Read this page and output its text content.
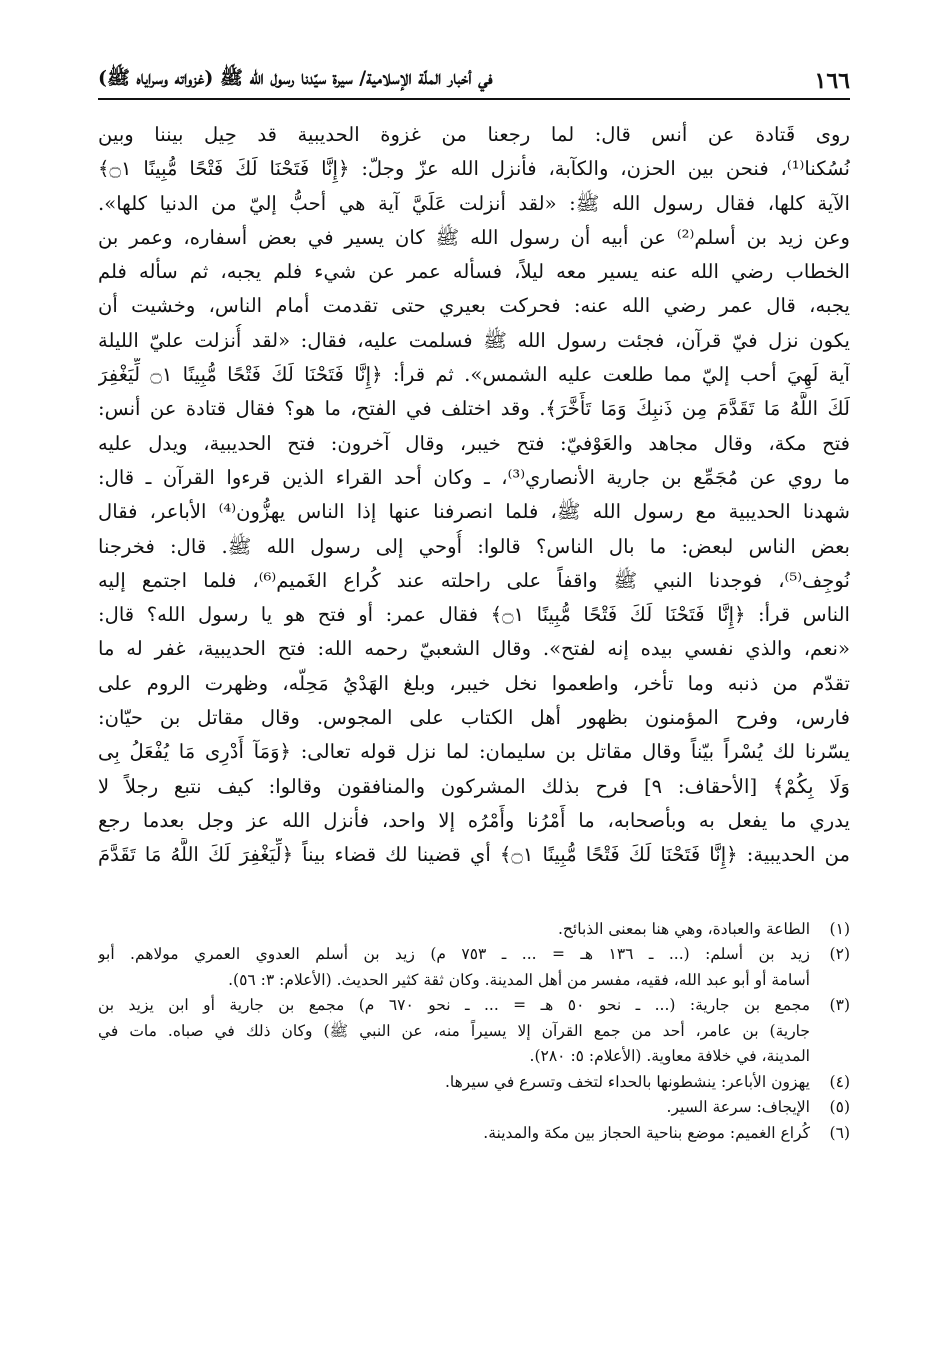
١٦٦
في أخبار الملّة الإسلامية/ سيرة سيّدنا رسول الله ﷺ (غزواته وسراياه ﷺ)
روى قَتادة عن أنس قال: لما رجعنا من غزوة الحديبية قد حِيل بيننا وبين
نُسُكنا⁽¹⁾، فنحن بين الحزن، والكآبة، فأنزل الله عزّ وجلّ: ﴿إِنَّا فَتَحْنَا لَكَ فَتْحًا مُّبِينًا ۝١﴾
الآية كلها، فقال رسول الله ﷺ: «لقد أنزلت عَلَيَّ آية هي أحبُّ إليّ من الدنيا كلها».
وعن زيد بن أسلم⁽²⁾ عن أبيه أن رسول الله ﷺ كان يسير في بعض أسفاره، وعمر بن
الخطاب رضي الله عنه يسير معه ليلاً، فسأله عمر عن شيء فلم يجبه، ثم سأله فلم
يجبه، قال عمر رضي الله عنه: فحركت بعيري حتى تقدمت أمام الناس، وخشيت أن
يكون نزل فيّ قرآن، فجئت رسول الله ﷺ فسلمت عليه، فقال: «لقد أُنزلت عليّ الليلة
آية لَهِيَ أحب إليّ مما طلعت عليه الشمس». ثم قرأ: ﴿إِنَّا فَتَحْنَا لَكَ فَتْحًا مُّبِينًا ۝١ لِّيَغْفِرَ
لَكَ اللَّهُ مَا تَقَدَّمَ مِن ذَنبِكَ وَمَا تَأَخَّرَ﴾. وقد اختلف في الفتح، ما هو؟ فقال قتادة عن أنس:
فتح مكة، وقال مجاهد والعَوْفيّ: فتح خيبر، وقال آخرون: فتح الحديبية، ويدل عليه
ما روي عن مُجَمِّع بن جارية الأنصاري⁽³⁾، ـ وكان أحد القراء الذين قرءوا القرآن ـ قال:
شهدنا الحديبية مع رسول الله ﷺ، فلما انصرفنا عنها إذا الناس يهزُّون⁽⁴⁾ الأباعر، فقال
بعض الناس لبعض: ما بال الناس؟ قالوا: أُوحي إلى رسول الله ﷺ. قال: فخرجنا
نُوجِف⁽⁵⁾، فوجدنا النبي ﷺ واقفاً على راحلته عند كُراع الغَميم⁽⁶⁾، فلما اجتمع إليه
الناس قرأ: ﴿إِنَّا فَتَحْنَا لَكَ فَتْحًا مُّبِينًا ۝١﴾ فقال عمر: أو فتح هو يا رسول الله؟ قال:
«نعم، والذي نفسي بيده إنه لفتح». وقال الشعبيّ رحمه الله: فتح الحديبية، غفر له ما
تقدّم من ذنبه وما تأخر، واطعموا نخل خيبر، وبلغ الهَدْيُ مَحِلّه، وظهرت الروم على
فارس، وفرح المؤمنون بظهور أهل الكتاب على المجوس. وقال مقاتل بن حيّان:
يسّرنا لك يُسْراً بيّناً وقال مقاتل بن سليمان: لما نزل قوله تعالى: ﴿وَمَآ أَدْرِى مَا يُفْعَلُ بِى
وَلَا بِكُمْ﴾ [الأحقاف: ٩] فرح بذلك المشركون والمنافقون وقالوا: كيف نتبع رجلاً لا
يدري ما يفعل به وبأصحابه، ما أَمْرُنا وأَمْرُه إلا واحد، فأنزل الله عز وجل بعدما رجع
من الحديبية: ﴿إِنَّا فَتَحْنَا لَكَ فَتْحًا مُّبِينًا ۝١﴾ أي قضينا لك قضاء بيناً ﴿لِّيَغْفِرَ لَكَ اللَّهُ مَا تَقَدَّمَ
(١)
الطاعة والعبادة، وهي هنا بمعنى الذبائح.
(٢)
زيد بن أسلم: (... ـ ١٣٦ هـ = ... ـ ٧٥٣ م) زيد بن أسلم العدوي العمري مولاهم. أبو
أسامة أو أبو عبد الله، فقيه، مفسر من أهل المدينة. وكان ثقة كثير الحديث. (الأعلام: ٣: ٥٦).
(٣)
مجمع بن جارية: (... ـ نحو ٥٠ هـ = ... ـ نحو ٦٧٠ م) مجمع بن جارية أو ابن يزيد بن
جارية) بن عامر، أحد من جمع القرآن إلا يسيراً منه، عن النبي ﷺ) وكان ذلك في صباه. مات في
المدينة، في خلافة معاوية. (الأعلام: ٥: ٢٨٠).
(٤)
يهزون الأباعر: ينشطونها بالحداء لتخف وتسرع في سيرها.
(٥)
الإيجاف: سرعة السير.
(٦)
كُراع الغميم: موضع بناحية الحجاز بين مكة والمدينة.
